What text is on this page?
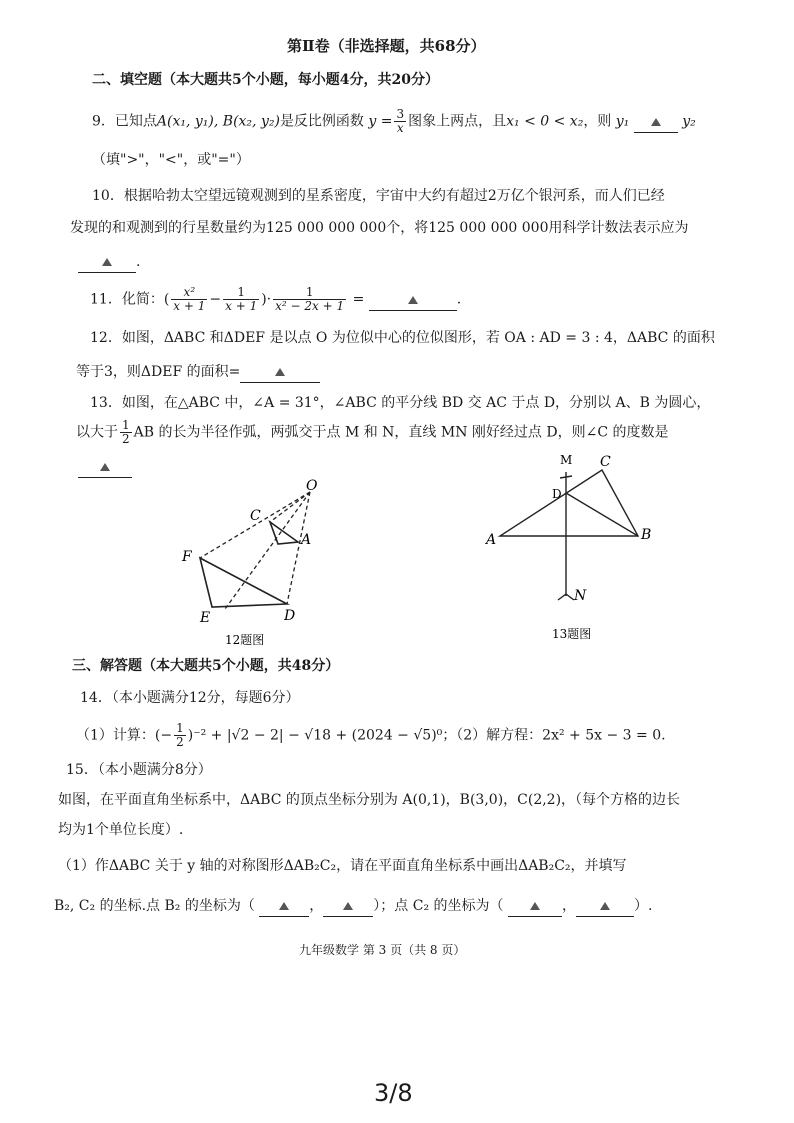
第Ⅱ卷（非选择题，共68分）
二、填空题（本大题共5个小题，每小题4分，共20分）
9．已知点A(x₁, y₁), B(x₂, y₂)是反比例函数 $y = \frac{3}{x}$ 图象上两点，且x₁ < 0 < x₂，则 y₁	y₂
（填">"，"<"，或"="）
10．根据哈勃太空望远镜观测到的星系密度，宇宙中大约有超过2万亿个银河系，而人们已经
发现的和观测到的行星数量约为125 000 000 000个，将125 000 000 000用科学计数法表示应为
.
11．化简：( $\frac{\text{x²}}{x + 1} - \frac{1}{x + 1}$ )· $\frac{1}{\text{x² − 2x + 1}}$ =	.
12．如图，ΔABC 和ΔDEF 是以点 O 为位似中心的位似图形，若 OA : AD = 3 : 4，ΔABC 的面积
等于3，则ΔDEF 的面积=
13．如图，在△ABC 中，∠A = 31°，∠ABC 的平分线 BD 交 AC 于点 D，分别以 A、B 为圆心，
以大于 $\frac{1}{2}$ AB 的长为半径作弧，两弧交于点 M 和 N，直线 MN 刚好经过点 D，则∠C 的度数是
O
C
A
F
E	D
12题图
M C
D
A	B
N
13题图
三、解答题（本大题共5个小题，共48分）
14．（本小题满分12分，每题6分）
（1）计算：(− $\frac{1}{2} )^{-2} + |√2 - 2| - √18 + (2024 - √5)^0$；（2）解方程：2x² + 5x − 3 = 0.
15．（本小题满分8分）
如图，在平面直角坐标系中，ΔABC 的顶点坐标分别为 A(0,1)，B(3,0)，C(2,2)，（每个方格的边长
均为1个单位长度）.
（1）作ΔABC 关于 y 轴的对称图形ΔAB₂C₂，请在平面直角坐标系中画出ΔAB₂C₂，并填写
B₂, C₂ 的坐标.点 B₂ 的坐标为（	，	）；点 C₂ 的坐标为（	，	）.
九年级数学 第 3 页（共 8 页）
3/8
